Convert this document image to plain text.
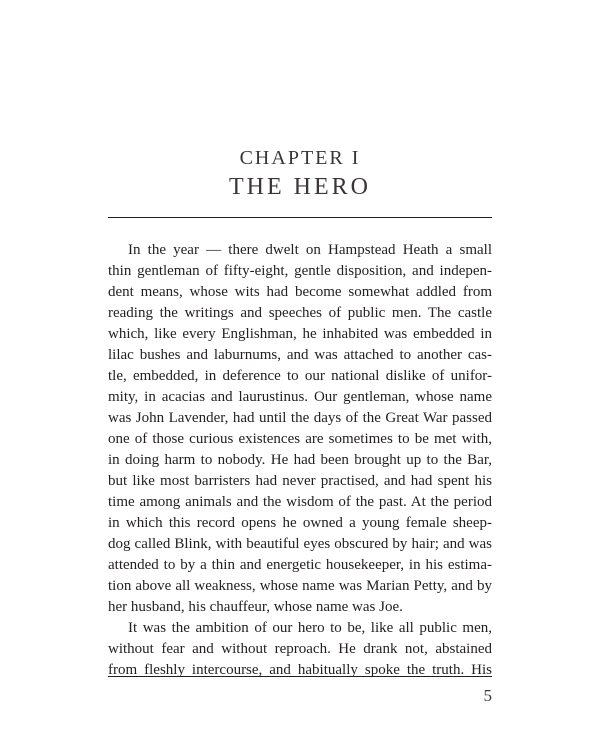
CHAPTER I
THE HERO
In the year — there dwelt on Hampstead Heath a small
thin gentleman of fifty-eight, gentle disposition, and indepen-
dent means, whose wits had become somewhat addled from
reading the writings and speeches of public men. The castle
which, like every Englishman, he inhabited was embedded in
lilac bushes and laburnums, and was attached to another cas-
tle, embedded, in deference to our national dislike of unifor-
mity, in acacias and laurustinus. Our gentleman, whose name
was John Lavender, had until the days of the Great War passed
one of those curious existences are sometimes to be met with,
in doing harm to nobody. He had been brought up to the Bar,
but like most barristers had never practised, and had spent his
time among animals and the wisdom of the past. At the period
in which this record opens he owned a young female sheep-
dog called Blink, with beautiful eyes obscured by hair; and was
attended to by a thin and energetic housekeeper, in his estima-
tion above all weakness, whose name was Marian Petty, and by
her husband, his chauffeur, whose name was Joe.
It was the ambition of our hero to be, like all public men,
without fear and without reproach. He drank not, abstained
from fleshly intercourse, and habitually spoke the truth. His
5
